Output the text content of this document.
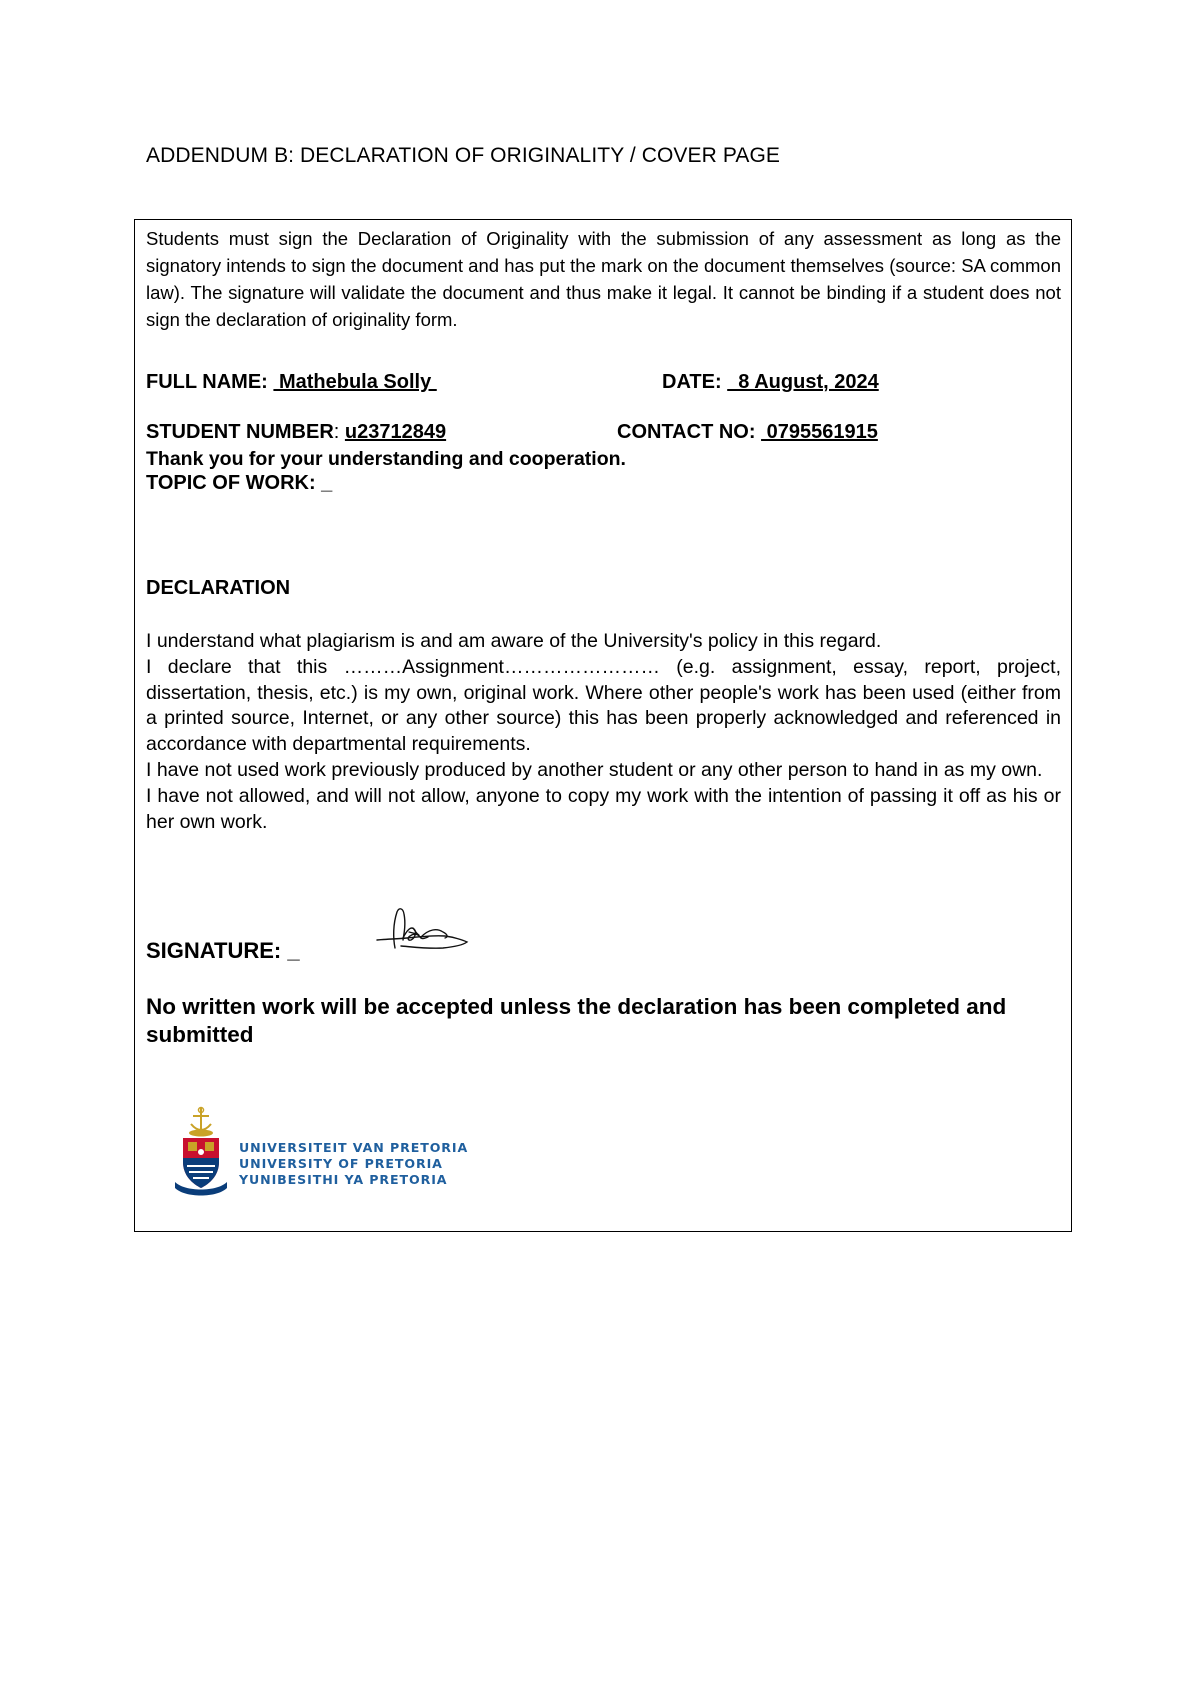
ADDENDUM B: DECLARATION OF ORIGINALITY / COVER PAGE

Students must sign the Declaration of Originality with the submission of any assessment as long as the signatory intends to sign the document and has put the mark on the document themselves (source: SA common law). The signature will validate the document and thus make it legal. It cannot be binding if a student does not sign the declaration of originality form.

FULL NAME:  Mathebula Solly	DATE:   8 August, 2024
STUDENT NUMBER: u23712849	CONTACT NO:  0795561915
Thank you for your understanding and cooperation.
TOPIC OF WORK: _
DECLARATION

I understand what plagiarism is and am aware of the University's policy in this regard.

I declare that this ………Assignment…………………… (e.g. assignment, essay, report, project, dissertation, thesis, etc.) is my own, original work. Where other people's work has been used (either from a printed source, Internet, or any other source) this has been properly acknowledged and referenced in accordance with departmental requirements.

I have not used work previously produced by another student or any other person to hand in as my own.

I have not allowed, and will not allow, anyone to copy my work with the intention of passing it off as his or her own work.

SIGNATURE: _

No written work will be accepted unless the declaration has been completed and submitted

UNIVERSITEIT VAN PRETORIA
UNIVERSITY OF PRETORIA
YUNIBESITHI YA PRETORIA
